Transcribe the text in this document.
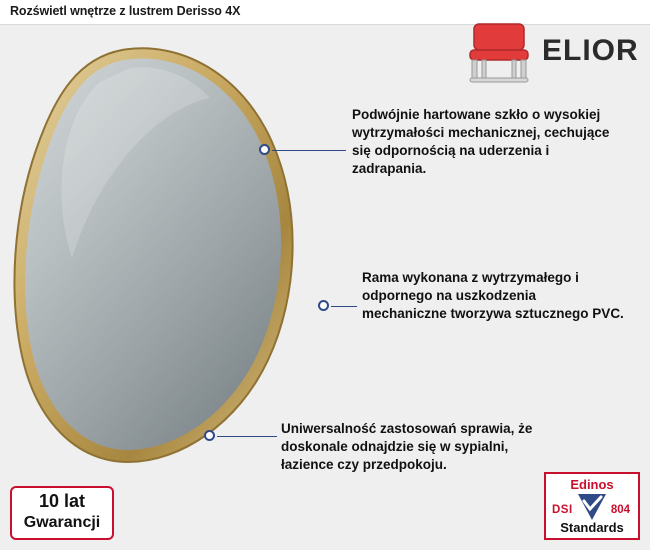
Rozświetl wnętrze z lustrem Derisso 4X
ELIOR
Podwójnie hartowane szkło o wysokiej wytrzymałości mechanicznej, cechujące się odpornością na uderzenia i zadrapania.
Rama wykonana z wytrzymałego i odpornego na uszkodzenia mechaniczne tworzywa sztucznego PVC.
Uniwersalność zastosowań sprawia, że doskonale odnajdzie się w sypialni, łazience czy przedpokoju.
10 lat
Gwarancji
Edinos
DSI	804
Standards
